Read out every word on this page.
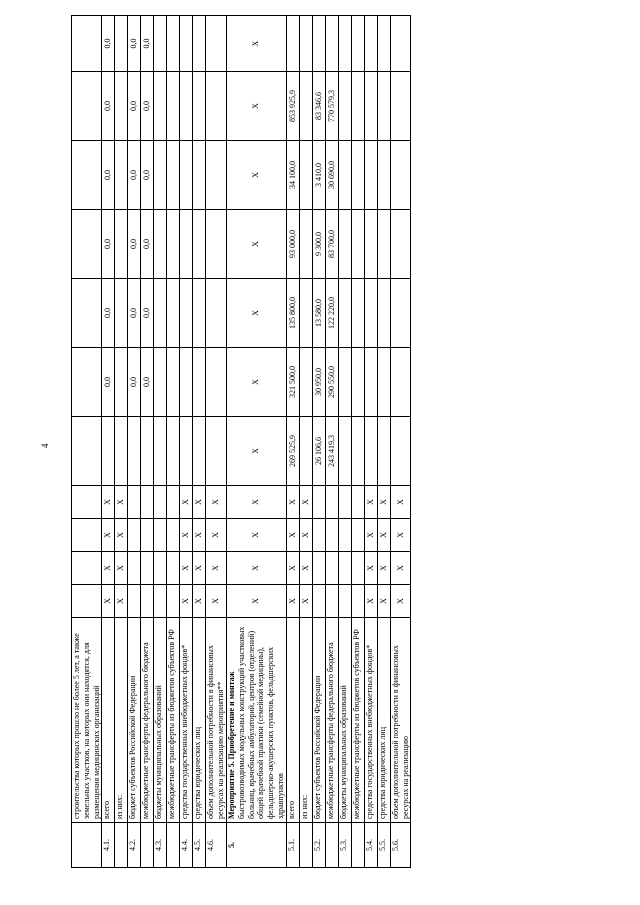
4
	строительства которых прошло не более 5 лет, а также земельных участков, на которых они находятся, для размещения медицинских организаций											
4.1.	всего	Х	Х	Х	Х		0,0	0,0	0,0	0,0	0,0	0,0
	из них:	Х	Х	Х	Х							
4.2.	бюджет субъектов Российской Федерации						0,0	0,0	0,0	0,0	0,0	0,0
	межбюджетные трансферты федерального бюджета						0,0	0,0	0,0	0,0	0,0	0,0
4.3.	бюджеты муниципальных образований											
	межбюджетные трансферты из бюджетов субъектов РФ											
4.4.	средства государственных внебюджетных фондов*	Х	Х	Х	Х							
4.5.	средства юридических лиц	Х	Х	Х	Х							
4.6.	объем дополнительной потребности в финансовых ресурсах на реализацию мероприятия**	Х	Х	Х	Х							
5.	Мероприятие 5. Приобретение и монтаж быстровозводимых модульных конструкций участковых больниц, врачебных амбулаторий, центров (отделений) общей врачебной практики (семейной медицины), фельдшерско-акушерских пунктов, фельдшерских здравпунктов	Х	Х	Х	Х	Х	Х	Х	Х	Х	Х	Х
5.1.	всего	Х	Х	Х	Х	269 525,9	321 500,0	135 800,0	93 000,0	34 100,0	853 925,9	
	из них:	Х	Х	Х	Х							
5.2.	бюджет субъектов Российской Федерации					26 106,6	30 950,0	13 580,0	9 300,0	3 410,0	83 346,6	
	межбюджетные трансферты федерального бюджета					243 419,3	290 550,0	122 220,0	83 700,0	30 690,0	770 579,3	
5.3.	бюджеты муниципальных образований											
	межбюджетные трансферты из бюджетов субъектов РФ											
5.4.	средства государственных внебюджетных фондов*	Х	Х	Х	Х							
5.5.	средства юридических лиц	Х	Х	Х	Х							
5.6.	объем дополнительной потребности в финансовых ресурсах на реализацию	Х	Х	Х	Х							
